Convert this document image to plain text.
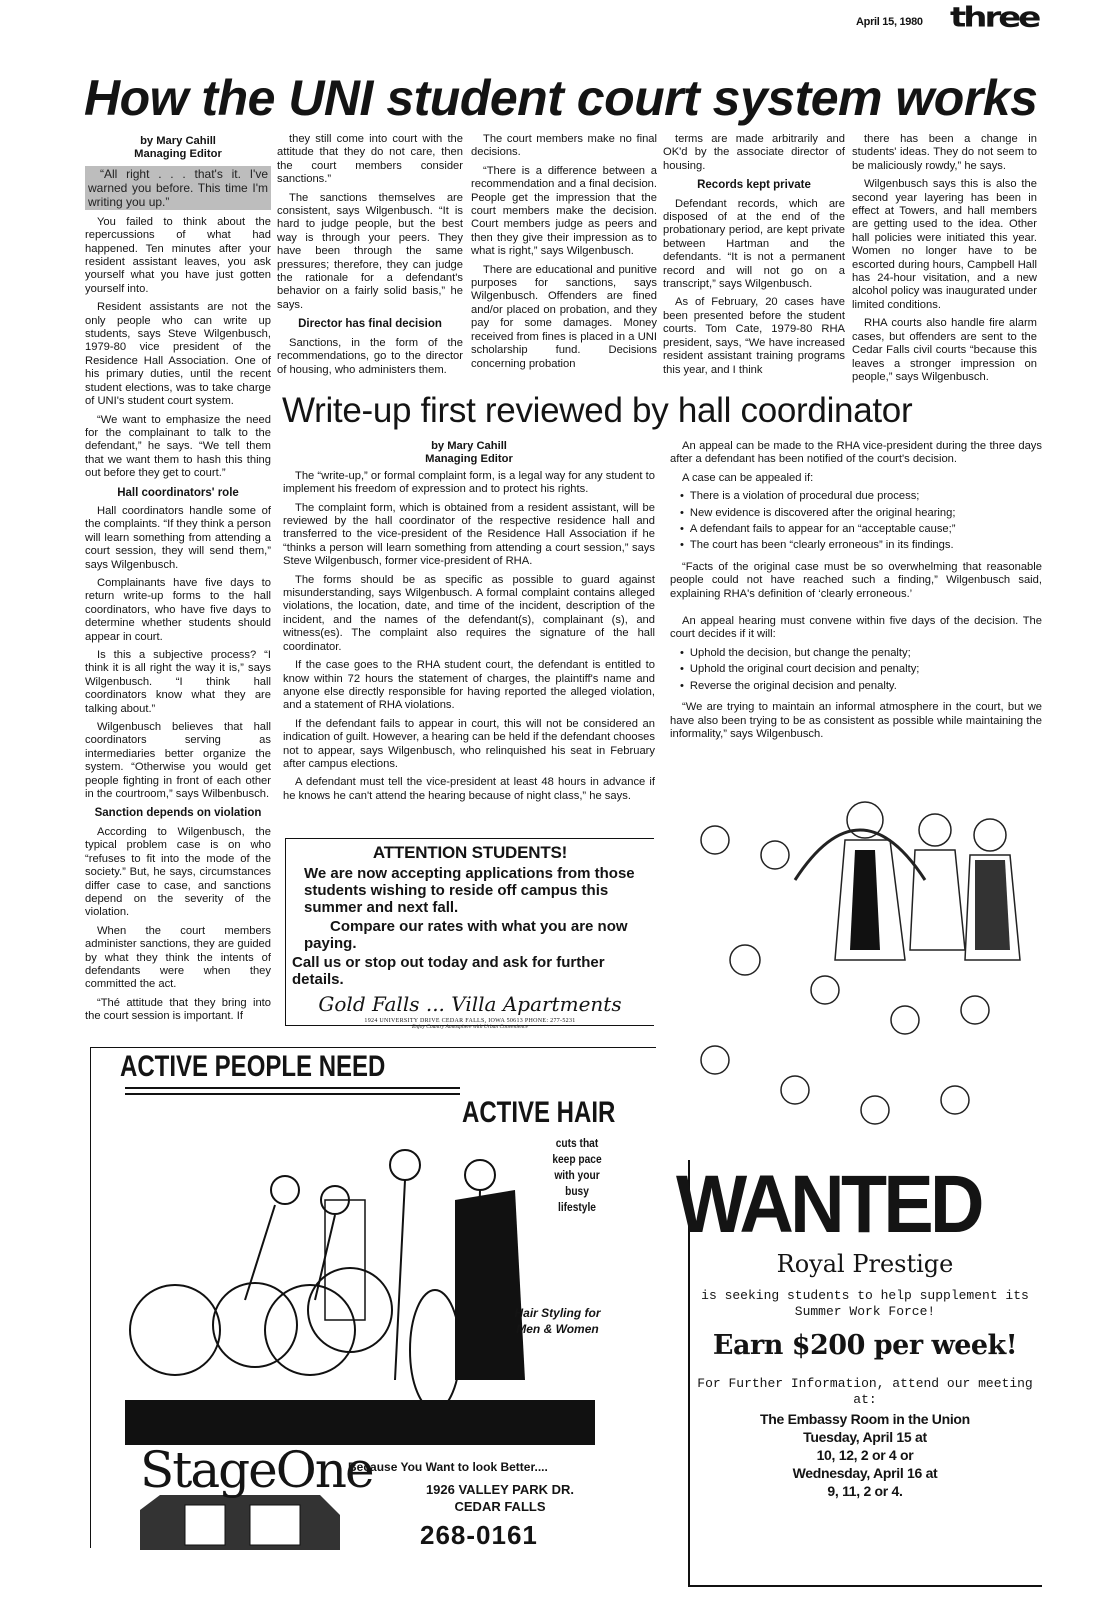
April 15, 1980 three
How the UNI student court system works
by Mary Cahill
Managing Editor
“All right . . . that's it. I've warned you before. This time I'm writing you up.”

You failed to think about the repercussions of what had happened. Ten minutes after your resident assistant leaves, you ask yourself what you have just gotten yourself into.

Resident assistants are not the only people who can write up students, says Steve Wilgenbusch, 1979-80 vice president of the Residence Hall Association. One of his primary duties, until the recent student elections, was to take charge of UNI's student court system.

“We want to emphasize the need for the complainant to talk to the defendant,” he says. “We tell them that we want them to hash this thing out before they get to court.”

Hall coordinators' role

Hall coordinators handle some of the complaints. “If they think a person will learn something from attending a court session, they will send them,” says Wilgenbusch.

Complainants have five days to return write-up forms to the hall coordinators, who have five days to determine whether students should appear in court.

Is this a subjective process? “I think it is all right the way it is,” says Wilgenbusch. “I think hall coordinators know what they are talking about.”

Wilgenbusch believes that hall coordinators serving as intermediaries better organize the system. “Otherwise you would get people fighting in front of each other in the courtroom,” says Wilbenbusch.

Sanction depends on violation

According to Wilgenbusch, the typical problem case is on who “refuses to fit into the mode of the society.” But, he says, circumstances differ case to case, and sanctions depend on the severity of the violation.

When the court members administer sanctions, they are guided by what they think the intents of defendants were when they committed the act.

“Thé attitude that they bring into the court session is important. If

they still come into court with the attitude that they do not care, then the court members consider sanctions.”

The sanctions themselves are consistent, says Wilgenbusch. “It is hard to judge people, but the best way is through your peers. They have been through the same pressures; therefore, they can judge the rationale for a defendant's behavior on a fairly solid basis,” he says.

Director has final decision

Sanctions, in the form of the recommendations, go to the director of housing, who administers them.

The court members make no final decisions.

“There is a difference between a recommendation and a final decision. People get the impression that the court members make the decision. Court members judge as peers and then they give their impression as to what is right,” says Wilgenbusch.

There are educational and punitive purposes for sanctions, says Wilgenbusch. Offenders are fined and/or placed on probation, and they pay for some damages. Money received from fines is placed in a UNI scholarship fund. Decisions concerning probation

terms are made arbitrarily and OK'd by the associate director of housing.

Records kept private

Defendant records, which are disposed of at the end of the probationary period, are kept private between Hartman and the defendants. “It is not a permanent record and will not go on a transcript,” says Wilgenbusch.

As of February, 20 cases have been presented before the student courts. Tom Cate, 1979-80 RHA president, says, “We have increased resident assistant training programs this year, and I think

there has been a change in students' ideas. They do not seem to be maliciously rowdy,” he says.

Wilgenbusch says this is also the second year layering has been in effect at Towers, and hall members are getting used to the idea. Other hall policies were initiated this year. Women no longer have to be escorted during hours, Campbell Hall has 24-hour visitation, and a new alcohol policy was inaugurated under limited conditions.

RHA courts also handle fire alarm cases, but offenders are sent to the Cedar Falls civil courts “because this leaves a stronger impression on people,” says Wilgenbusch.

Write-up first reviewed by hall coordinator
by Mary Cahill
Managing Editor

The “write-up,” or formal complaint form, is a legal way for any student to implement his freedom of expression and to protect his rights.

The complaint form, which is obtained from a resident assistant, will be reviewed by the hall coordinator of the respective residence hall and transferred to the vice-president of the Residence Hall Association if he “thinks a person will learn something from attending a court session,” says Steve Wilgenbusch, former vice-president of RHA.

The forms should be as specific as possible to guard against misunderstanding, says Wilgenbusch. A formal complaint contains alleged violations, the location, date, and time of the incident, description of the incident, and the names of the defendant(s), complainant (s), and witness(es). The complaint also requires the signature of the hall coordinator.

If the case goes to the RHA student court, the defendant is entitled to know within 72 hours the statement of charges, the plaintiff's name and anyone else directly responsible for having reported the alleged violation, and a statement of RHA violations.

If the defendant fails to appear in court, this will not be considered an indication of guilt. However, a hearing can be held if the defendant chooses not to appear, says Wilgenbusch, who relinquished his seat in February after campus elections.

A defendant must tell the vice-president at least 48 hours in advance if he knows he can't attend the hearing because of night class,” he says.

An appeal can be made to the RHA vice-president during the three days after a defendant has been notified of the court's decision.

A case can be appealed if:

• There is a violation of procedural due process;
• New evidence is discovered after the original hearing;
• A defendant fails to appear for an “acceptable cause;”
• The court has been “clearly erroneous” in its findings.

“Facts of the original case must be so overwhelming that reasonable people could not have reached such a finding,” Wilgenbusch said, explaining RHA's definition of ‘clearly erroneous.’

An appeal hearing must convene within five days of the decision. The court decides if it will:

• Uphold the decision, but change the penalty;
• Uphold the original court decision and penalty;
• Reverse the original decision and penalty.

“We are trying to maintain an informal atmosphere in the court, but we have also been trying to be as consistent as possible while maintaining the informality,” says Wilgenbusch.

ATTENTION STUDENTS!
We are now accepting applications from those students wishing to reside off campus this summer and next fall.
Compare our rates with what you are now paying.
Call us or stop out today and ask for further details.
Gold Falls ... Villa Apartments
1924 UNIVERSITY DRIVE CEDAR FALLS, IOWA 50613 PHONE: 277-5231
Enjoy Country Atmosphere with Urban Convenience
ACTIVE PEOPLE NEED
ACTIVE HAIR
cuts that keep pace with your busy lifestyle
Hair Styling for Men & Women
StageOne
Because You Want to look Better....
1926 VALLEY PARK DR.
CEDAR FALLS
268-0161
WANTED
Royal Prestige
is seeking students to help supplement its Summer Work Force!
Earn $200 per week!
For Further Information, attend our meeting at:
The Embassy Room in the Union
Tuesday, April 15 at
10, 12, 2 or 4 or
Wednesday, April 16 at
9, 11, 2 or 4.
